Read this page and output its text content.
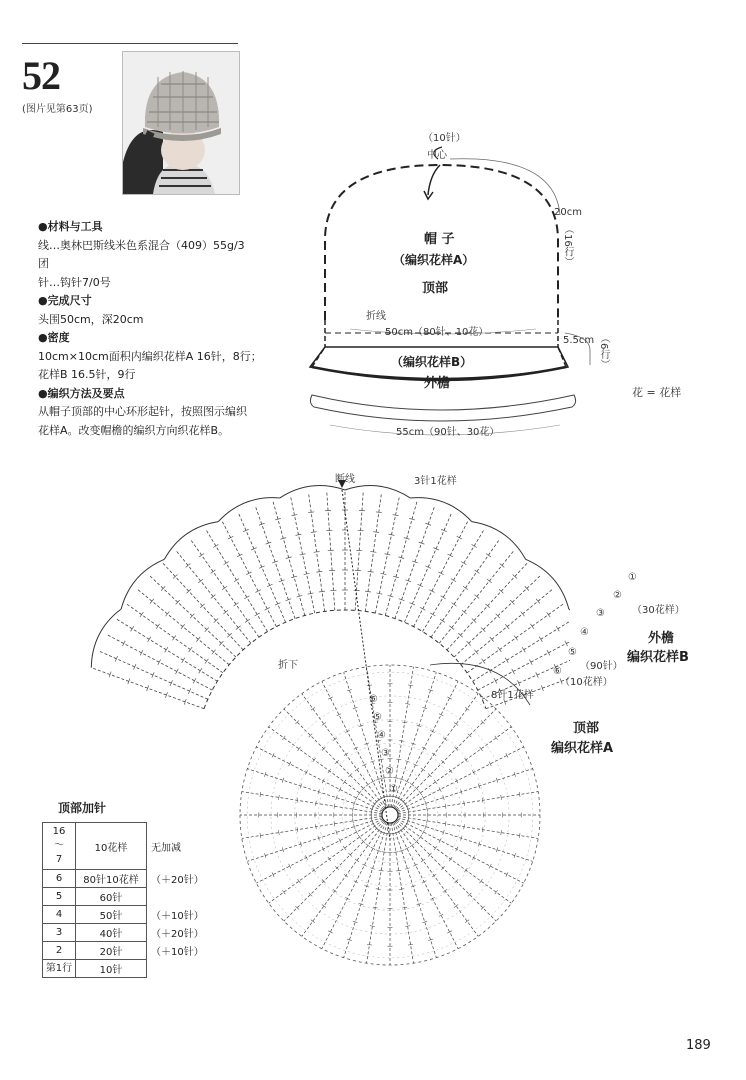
52
(图片见第63页)
●材料与工具
线…奥林巴斯线米色系混合（409）55g/3
团
针…钩针7/0号
●完成尺寸
头围50cm，深20cm
●密度
10cm×10cm面积内编织花样A 16针，8行；
花样B 16.5针，9行
●编织方法及要点
从帽子顶部的中心环形起针，按照图示编织
花样A。改变帽檐的编织方向织花样B。
（10针）
中心
帽 子
（编织花样A）
顶部
20cm
（16行）
折线
50cm（80针、10花）
（编织花样B）
外檐
5.5cm （6行）
55cm（90针、30花）
花 = 花样
断线	3针1花样
折下
（30花样）
外檐
编织花样B
（90针）
（10花样）
8针1花样
顶部
编织花样A
⑥
⑤
④
③
②
①
⑥
⑤
④
③
②
①
顶部加针
16
〜
7	10花样	无加减
6	80针10花样	（＋20针）
5	60针	
4	50针	（＋10针）
3	40针	（＋20针）
2	20针	（＋10针）
第1行	10针	
189
